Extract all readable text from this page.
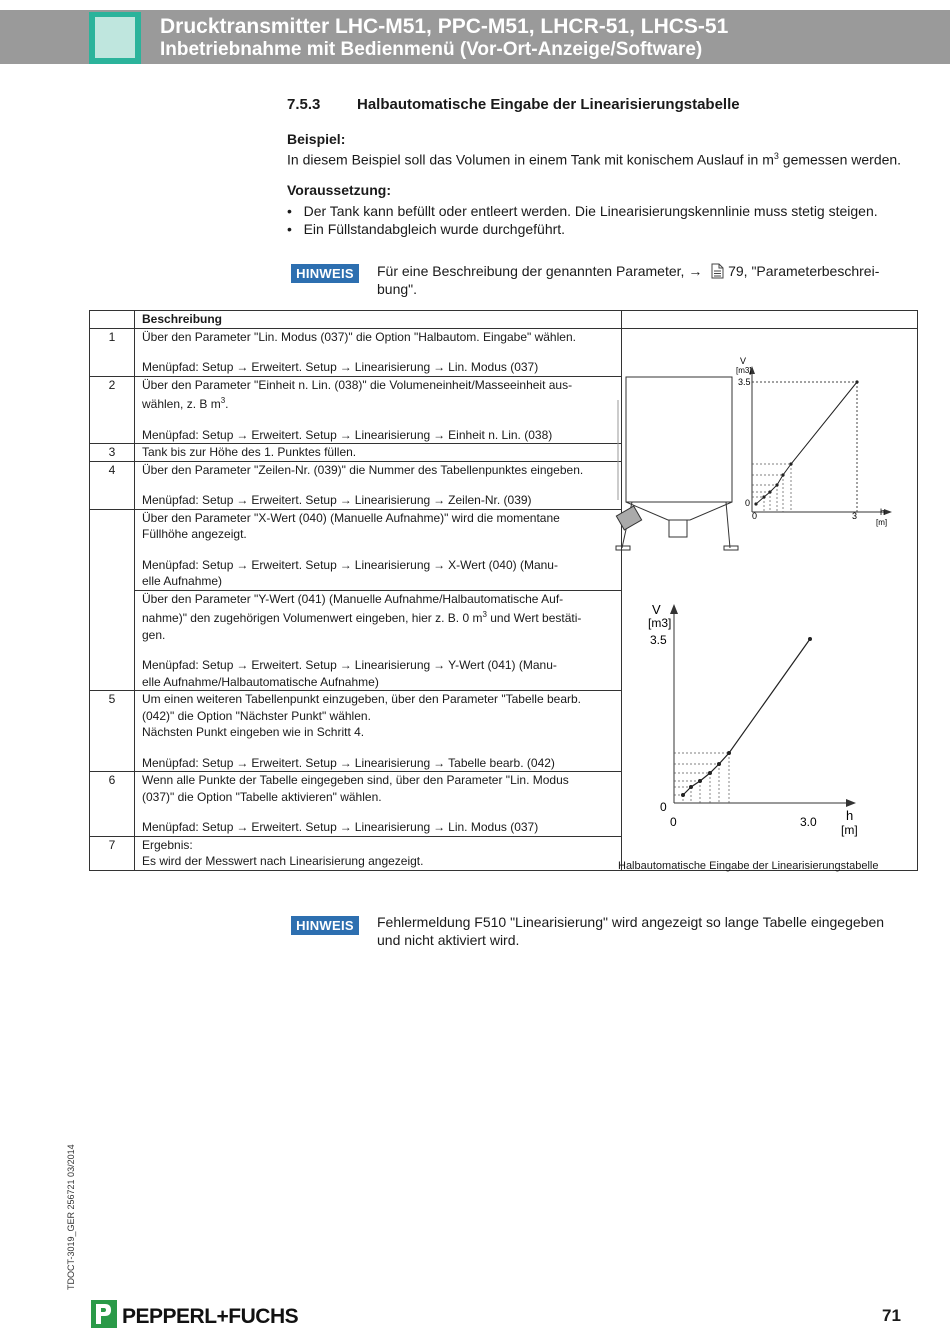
Drucktransmitter LHC-M51, PPC-M51, LHCR-51, LHCS-51
Inbetriebnahme mit Bedienmenü (Vor-Ort-Anzeige/Software)
7.5.3 Halbautomatische Eingabe der Linearisierungstabelle
Beispiel:
In diesem Beispiel soll das Volumen in einem Tank mit konischem Auslauf in $m^3$ gemessen werden.
Voraussetzung:
•   Der Tank kann befüllt oder entleert werden. Die Linearisierungskennlinie muss stetig steigen.
•   Ein Füllstandabgleich wurde durchgeführt.
HINWEIS	Für eine Beschreibung der genannten Parameter, →  79, "Parameterbeschrei-
bung".
	Beschreibung	
1	Über den Parameter "Lin. Modus (037)" die Option "Halbautom. Eingabe" wählen.
Menüpfad: Setup → Erweitert. Setup → Linearisierung → Lin. Modus (037)	

2	Über den Parameter "Einheit n. Lin. (038)" die Volumeneinheit/Masseeinheit aus-
wählen, z. B $m^3$.
Menüpfad: Setup → Erweitert. Setup → Linearisierung → Einheit n. Lin. (038)	

3	Tank bis zur Höhe des 1. Punktes füllen.	
4	Über den Parameter "Zeilen-Nr. (039)" die Nummer des Tabellenpunktes eingeben.
Menüpfad: Setup → Erweitert. Setup → Linearisierung → Zeilen-Nr. (039)	

	Über den Parameter "X-Wert (040) (Manuelle Aufnahme)" wird die momentane
Füllhöhe angezeigt.
Menüpfad: Setup → Erweitert. Setup → Linearisierung → X-Wert (040) (Manu-
elle Aufnahme)	

	Über den Parameter "Y-Wert (041) (Manuelle Aufnahme/Halbautomatische Auf-
nahme)" den zugehörigen Volumenwert eingeben, hier z. B. 0 $m^3$ und Wert bestäti-
gen.
Menüpfad: Setup → Erweitert. Setup → Linearisierung → Y-Wert (041) (Manu-
elle Aufnahme/Halbautomatische Aufnahme)	

5	Um einen weiteren Tabellenpunkt einzugeben, über den Parameter "Tabelle bearb.
(042)" die Option "Nächster Punkt" wählen.
Nächsten Punkt eingeben wie in Schritt 4.
Menüpfad: Setup → Erweitert. Setup → Linearisierung → Tabelle bearb. (042)	

6	Wenn alle Punkte der Tabelle eingegeben sind, über den Parameter "Lin. Modus
(037)" die Option "Tabelle aktivieren" wählen.
Menüpfad: Setup → Erweitert. Setup → Linearisierung → Lin. Modus (037)	

7	Ergebnis:
Es wird der Messwert nach Linearisierung angezeigt.	
V
[m3]
3.5
0
0	3	h
[m]
V
[m3]
3.5
0
0	3.0 h
[m]
Halbautomatische Eingabe der Linearisierungstabelle
HINWEIS	Fehlermeldung F510 "Linearisierung" wird angezeigt so lange Tabelle eingegeben
und nicht aktiviert wird.
TDOCT-3019_GER 256721 03/2014
PEPPERL+FUCHS	71
